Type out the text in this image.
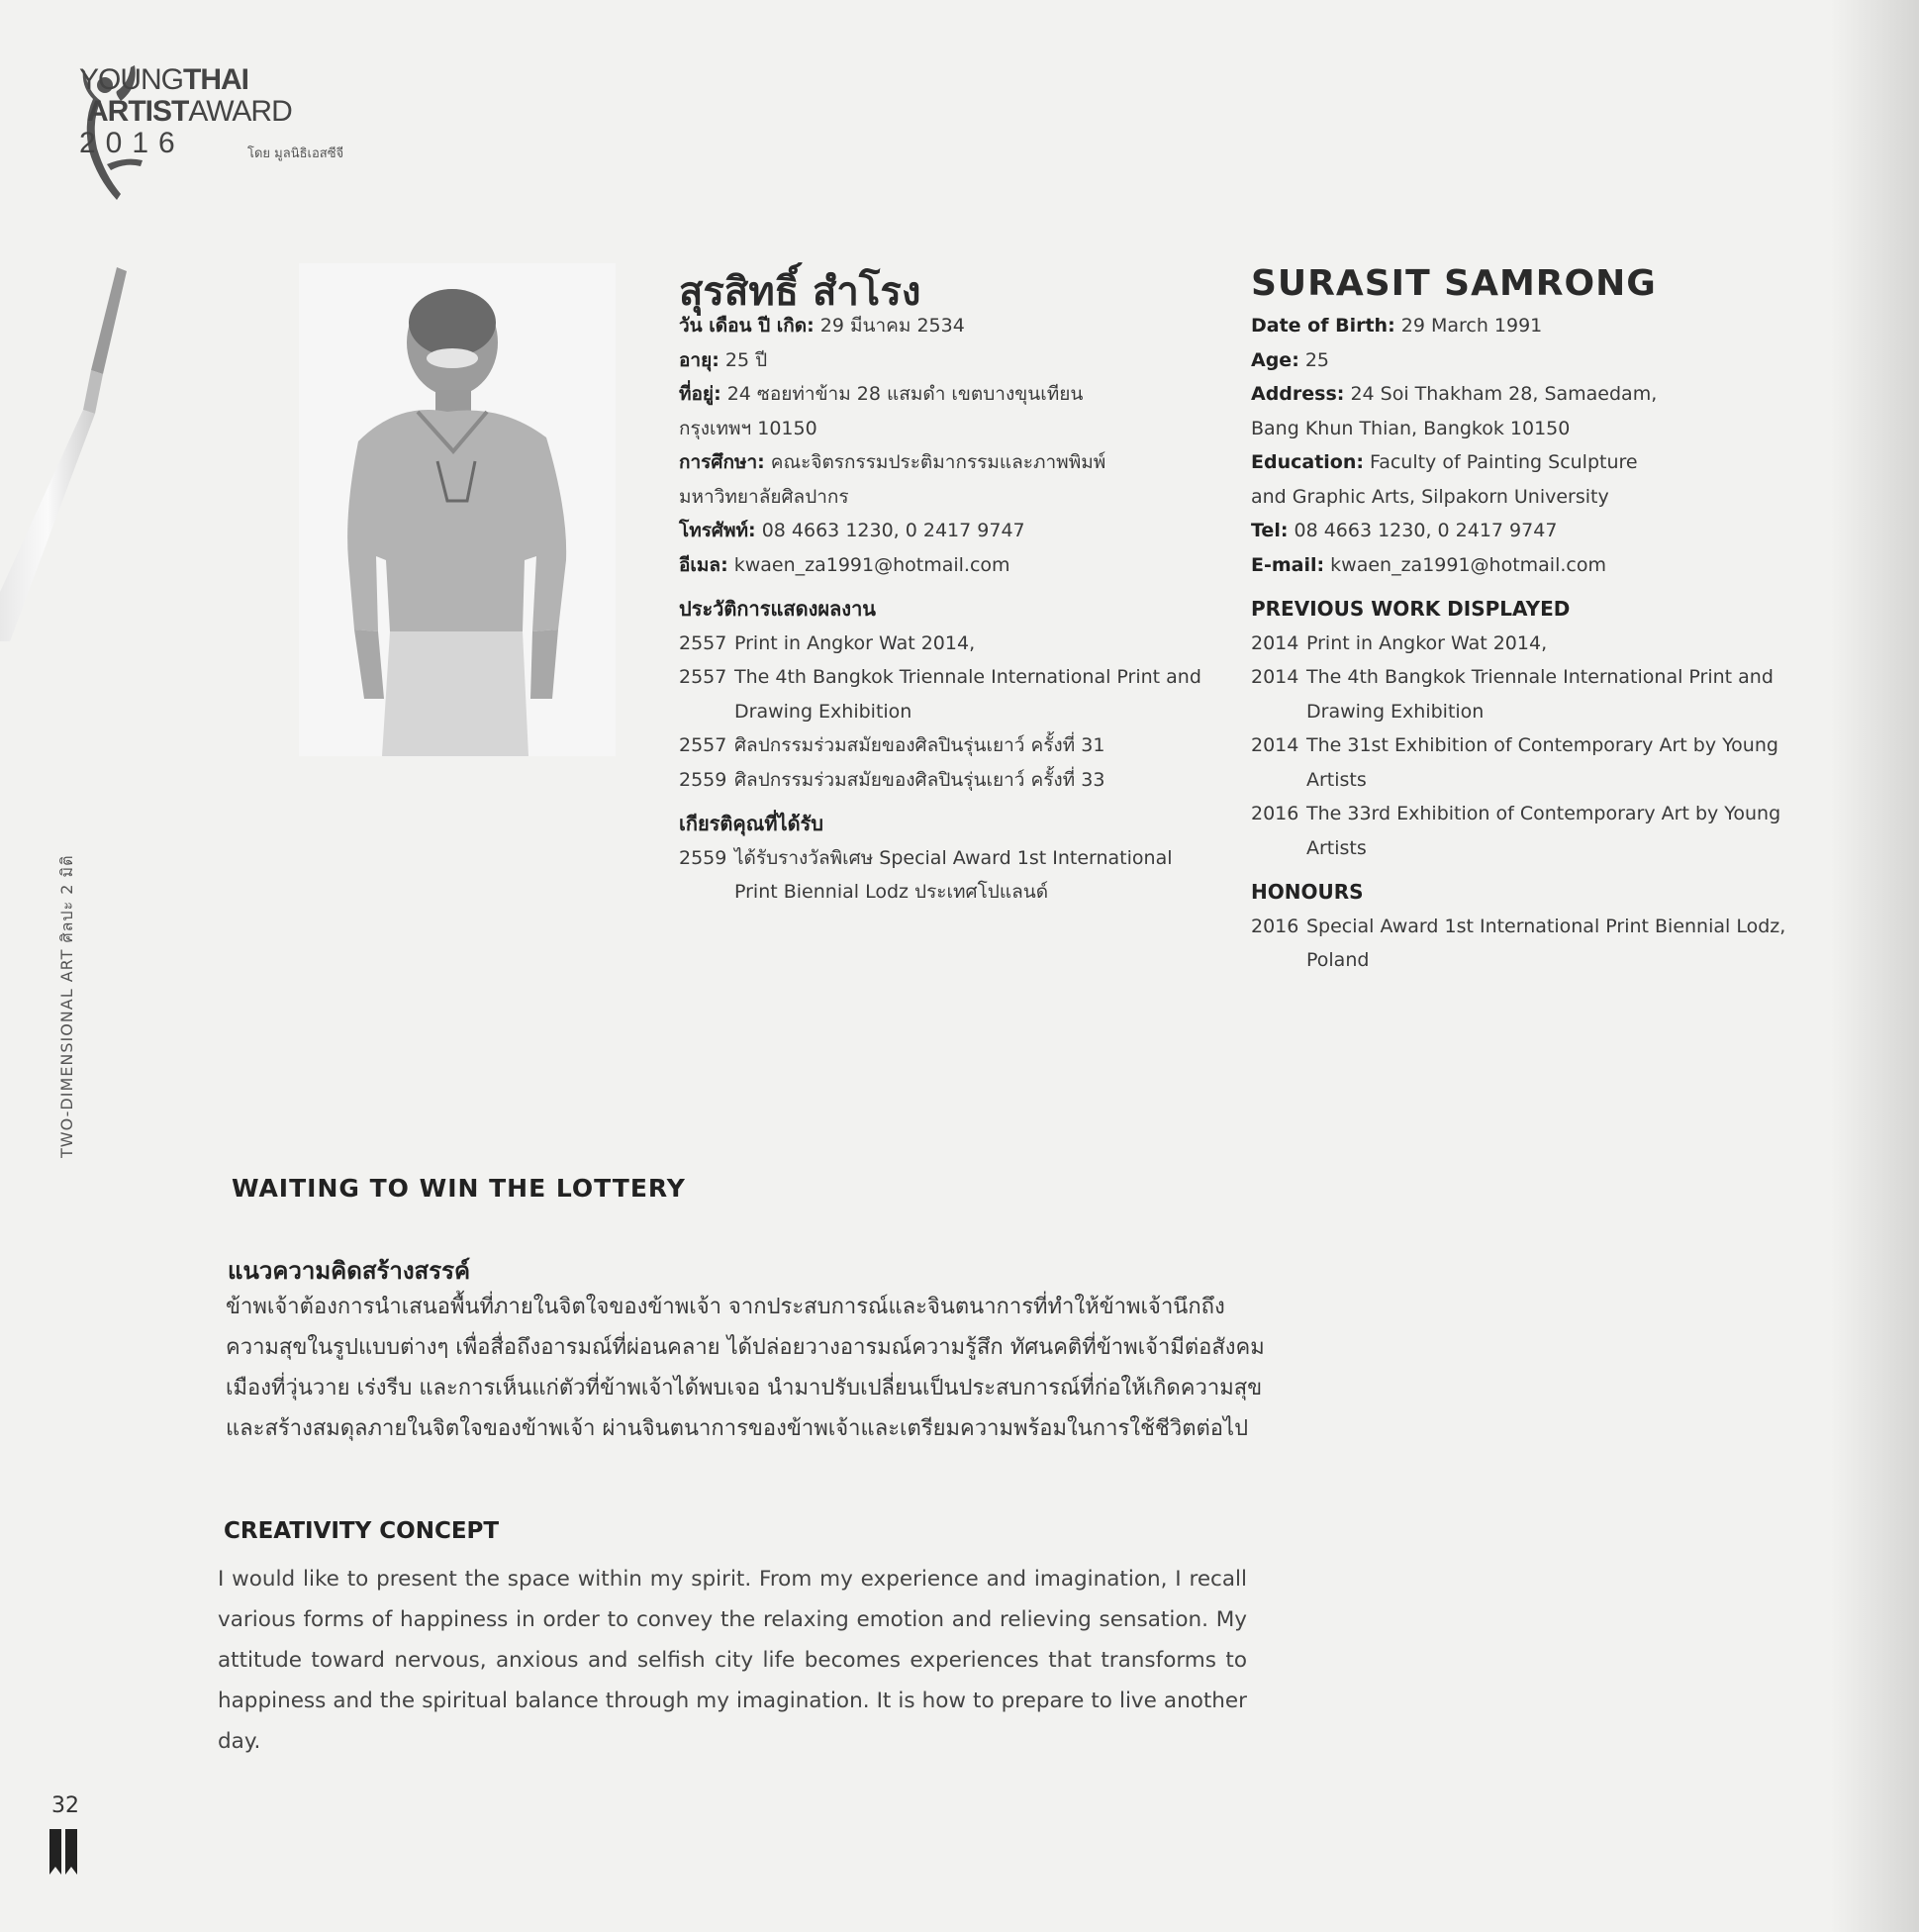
YOUNGTHAI
ARTISTAWARD
2016	โดย มูลนิธิเอสซีจี
สุรสิทธิ์ สำโรง
วัน เดือน ปี เกิด: 29 มีนาคม 2534
อายุ: 25 ปี
ที่อยู่: 24 ซอยท่าข้าม 28 แสมดำ เขตบางขุนเทียน
กรุงเทพฯ 10150
การศึกษา: คณะจิตรกรรมประติมากรรมและภาพพิมพ์
มหาวิทยาลัยศิลปากร
โทรศัพท์: 08 4663 1230, 0 2417 9747
อีเมล: kwaen_za1991@hotmail.com
ประวัติการแสดงผลงาน
2557 Print in Angkor Wat 2014,
2557 The 4th Bangkok Triennale International Print and Drawing Exhibition
2557 ศิลปกรรมร่วมสมัยของศิลปินรุ่นเยาว์ ครั้งที่ 31
2559 ศิลปกรรมร่วมสมัยของศิลปินรุ่นเยาว์ ครั้งที่ 33
เกียรติคุณที่ได้รับ
2559 ได้รับรางวัลพิเศษ Special Award 1st International Print Biennial Lodz ประเทศโปแลนด์
SURASIT SAMRONG
Date of Birth: 29 March 1991
Age: 25
Address: 24 Soi Thakham 28, Samaedam,
Bang Khun Thian, Bangkok 10150
Education: Faculty of Painting Sculpture
and Graphic Arts, Silpakorn University
Tel: 08 4663 1230, 0 2417 9747
E-mail: kwaen_za1991@hotmail.com
PREVIOUS WORK DISPLAYED
2014 Print in Angkor Wat 2014,
2014 The 4th Bangkok Triennale International Print and Drawing Exhibition
2014 The 31st Exhibition of Contemporary Art by Young Artists
2016 The 33rd Exhibition of Contemporary Art by Young Artists
HONOURS
2016 Special Award 1st International Print Biennial Lodz, Poland
TWO-DIMENSIONAL ART ศิลปะ 2 มิติ
WAITING TO WIN THE LOTTERY
แนวความคิดสร้างสรรค์
ข้าพเจ้าต้องการนำเสนอพื้นที่ภายในจิตใจของข้าพเจ้า จากประสบการณ์และจินตนาการที่ทำให้ข้าพเจ้านึกถึงความสุขในรูปแบบต่างๆ เพื่อสื่อถึงอารมณ์ที่ผ่อนคลาย ได้ปล่อยวางอารมณ์ความรู้สึก ทัศนคติที่ข้าพเจ้ามีต่อสังคมเมืองที่วุ่นวาย เร่งรีบ และการเห็นแก่ตัวที่ข้าพเจ้าได้พบเจอ นำมาปรับเปลี่ยนเป็นประสบการณ์ที่ก่อให้เกิดความสุขและสร้างสมดุลภายในจิตใจของข้าพเจ้า ผ่านจินตนาการของข้าพเจ้าและเตรียมความพร้อมในการใช้ชีวิตต่อไป
CREATIVITY CONCEPT
I would like to present the space within my spirit. From my experience and imagination, I recall various forms of happiness in order to convey the relaxing emotion and relieving sensation. My attitude toward nervous, anxious and selfish city life becomes experiences that transforms to happiness and the spiritual balance through my imagination. It is how to prepare to live another day.
32
